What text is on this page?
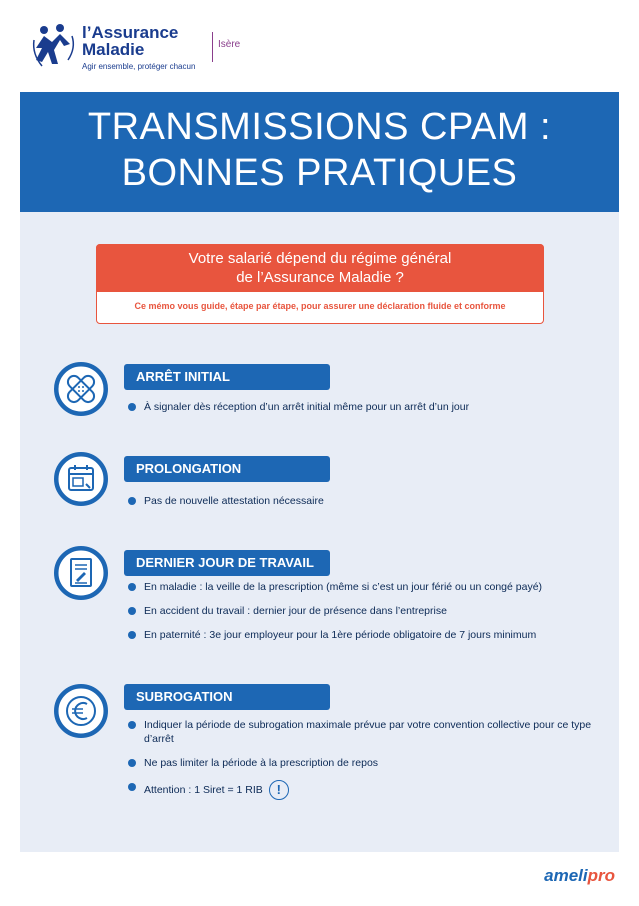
l’Assurance
Maladie
Agir ensemble, protéger chacun
Isère
TRANSMISSIONS CPAM :
BONNES PRATIQUES
Votre salarié dépend du régime général
de l’Assurance Maladie ?
Ce mémo vous guide, étape par étape, pour assurer une déclaration fluide et conforme
ARRÊT INITIAL
À signaler dès réception d’un arrêt initial même pour un arrêt d’un jour
PROLONGATION
Pas de nouvelle attestation nécessaire
DERNIER JOUR DE TRAVAIL
En maladie : la veille de la prescription (même si c’est un jour férié ou un congé payé)
En accident du travail : dernier jour de présence dans l’entreprise
En paternité : 3e jour employeur pour la 1ère période obligatoire de 7 jours minimum
SUBROGATION
Indiquer la période de subrogation maximale prévue par votre convention collective pour ce type d’arrêt
Ne pas limiter la période à la prescription de repos
Attention : 1 Siret = 1 RIB !
amelipro
